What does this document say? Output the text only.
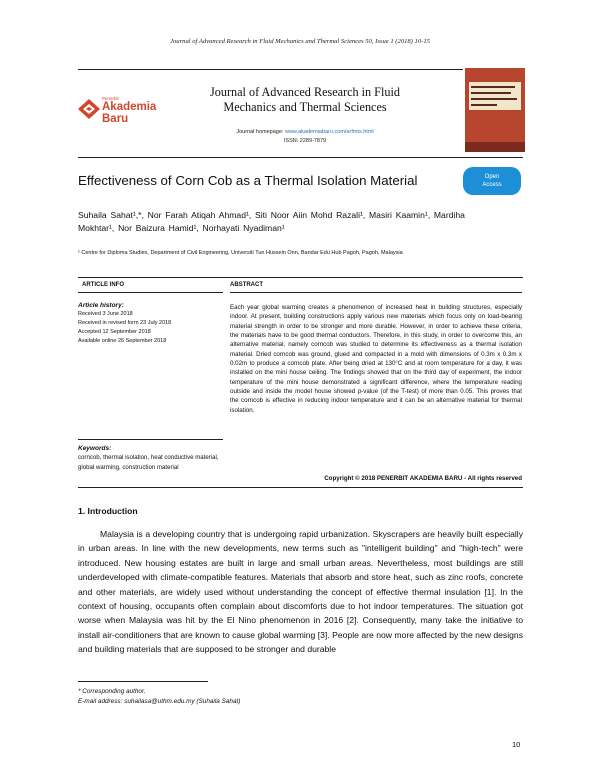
Journal of Advanced Research in Fluid Mechanics and Thermal Sciences 50, Issue 1 (2018) 10-15
Penerbit
Akademia Baru
Journal of Advanced Research in Fluid
Mechanics and Thermal Sciences
Journal homepage: www.akademiabaru.com/arfmts.html
ISSN: 2289-7879
Effectiveness of Corn Cob as a Thermal Isolation Material	Open
Access
Suhaila Sahat¹,*, Nor Farah Atiqah Ahmad¹, Siti Noor Aiin Mohd Razali¹, Masiri Kaamin¹, Mardiha
Mokhtar¹, Nor Baizura Hamid¹, Norhayati Nyadiman¹
¹ Centre for Diploma Studies, Department of Civil Engineering, Universiti Tun Hussein Onn, Bandar Edu Hub Pagoh, Pagoh, Malaysia
ARTICLE INFO	ABSTRACT
Article history:
Received 3 June 2018
Received in revised form 23 July 2018
Accepted 12 September 2018
Available online 26 September 2018
Each year global warming creates a phenomenon of increased heat in building structures, especially indoor. At present, building constructions apply various new materials which focus only on load-bearing material strength in order to be stronger and more durable. However, in order to achieve these criteria, the materials have to be good thermal conductors. Therefore, in this study, in order to overcome this, an alternative material, namely corncob was studied to determine its effectiveness as a thermal isolation material. Dried corncob was ground, glued and compacted in a mold with dimensions of 0.3m x 0.3m x 0.02m to produce a corncob plate. After being dried at 130°C and at room temperature for a day, it was installed on the mini house ceiling. The findings showed that on the third day of experiment, the indoor temperature of the mini house demonstrated a significant difference, where the temperature reading outside and inside the model house showed p-value (of the T-test) of more than 0.05. This proves that the corncob is effective in reducing indoor temperature and it can be an alternative material for thermal isolation.
Keywords:
corncob, thermal isolation, heat conductive material, global warming, construction material
Copyright © 2018 PENERBIT AKADEMIA BARU - All rights reserved
1. Introduction

Malaysia is a developing country that is undergoing rapid urbanization. Skyscrapers are heavily built especially in urban areas. In line with the new developments, new terms such as "intelligent building" and "high-tech" were introduced. New housing estates are built in large and small urban areas. Nevertheless, most buildings are still underdeveloped with climate-compatible features. Materials that absorb and store heat, such as zinc roofs, concrete and other materials, are widely used without understanding the concept of effective thermal insulation [1]. In the context of housing, occupants often complain about discomforts due to hot indoor temperatures. The situation got worse when Malaysia was hit by the El Nino phenomenon in 2016 [2]. Consequently, many take the initiative to install air-conditioners that are known to cause global warming [3]. People are now more affected by the new designs and building materials that are supposed to be stronger and durable

* Corresponding author.
E-mail address: suhailasa@uthm.edu.my (Suhaila Sahat)
10
